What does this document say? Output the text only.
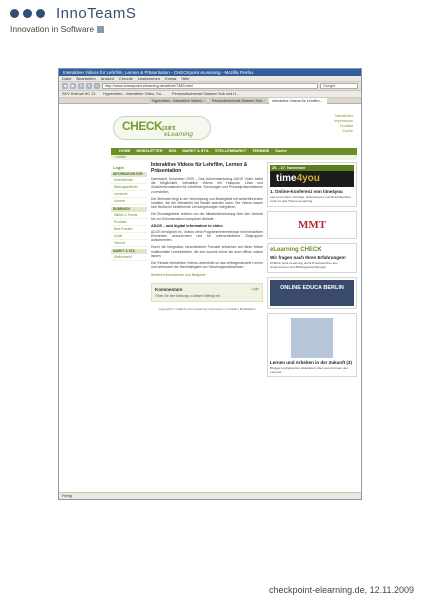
InnoTeamS
Innovation in Software
Interaktive Videos für Lehrfilm, Lernen & Präsentation - CHECKpoint eLearning - Mozilla Firefox
Datei Bearbeiten Ansicht Chronik Lesezeichen Extras Hilfe
◀	▶	↻	✕	⌂	http://www.checkpoint-elearning.de/article/7383.html	Google
SKV Hotmail HC 13 Hypervideo - Interaktive Video, Su... Personalisierende Klassen Sub und H...
Hypervideo - Interaktive Videos...	Personalisierende Klassen Sub...	Interaktive Videos für Lehrfilm...
CHECKpoint
eLearning
Newsletter
Impressum
Kontakt
Suche
HOME NEWSLETTER RSS MARKT & STIL STELLENMARKT TERMINE Suche
» Artikel
Login
INFORMATION FÜR
Unternehmen
Bildungsanbieter
Lernende
Autoren
RUBRIKEN
Märkte & Trends
Produkte
Best Practice
Köpfe
Termine
MARKT & STIL
Stellenmarkt
Interaktive Videos für Lehrfilm, Lernen & Präsentation
Darmstadt, November 2009 – Das Autorenwerkzeug ADOS Video bietet die Möglichkeit, interaktive Videos mit Hotspots, Links und Zusatzinformationen für Lehrfilme, Schulungen und Produktpräsentationen zu erstellen.
Der Mehrwert liegt in der Verknüpfung von Bewegtbild mit weiterführenden Inhalten, die der Betrachter bei Bedarf aufrufen kann. Die Videos lassen sich flexibel in bestehende Lernumgebungen integrieren.
Die Einsatzgebiete reichen von der Mitarbeiterschulung über den Vertrieb bis zur Dokumentation komplexer Abläufe.
ADOS – add digital information to video
ADOS ermöglicht es, Videos ohne Programmierkenntnisse mit interaktiven Elementen anzureichern und für unterschiedliche Zielgruppen aufzubereiten.
Durch die Integration verschiedener Formate entstehen auf diese Weise multimediale Lerneinheiten, die sich sowohl online als auch offline nutzen lassen.
Der Einsatz interaktiver Videos unterstützt so das selbstgesteuerte Lernen und verbessert die Nachhaltigkeit von Schulungsmaßnahmen.
Weitere Informationen und Beispiele
Login
Kommentare
Teilen Sie Ihre Meinung zu diesem Beitrag mit.
Copyright © CHECK.point eLearning | Impressum | Kontakt | Mediadaten
25. - 27. November
time4you
1. Online-Konferenz von time4you
Live und online: Vorträge, Diskussionen und Praxisberichte rund um das Thema eLearning.
MMT
eLearning CHECK
Wir fragen nach Ihren Erfahrungen!
CHECK.point eLearning sucht Praxisberichte aus Unternehmen und Bildungseinrichtungen.
ONLINE EDUCA BERLIN
Lernen und Arbeiten in der Zukunft (3)
Blogger und Experten diskutieren über neue Formen des Lernens.
Fertig
checkpoint-elearning.de, 12.11.2009
